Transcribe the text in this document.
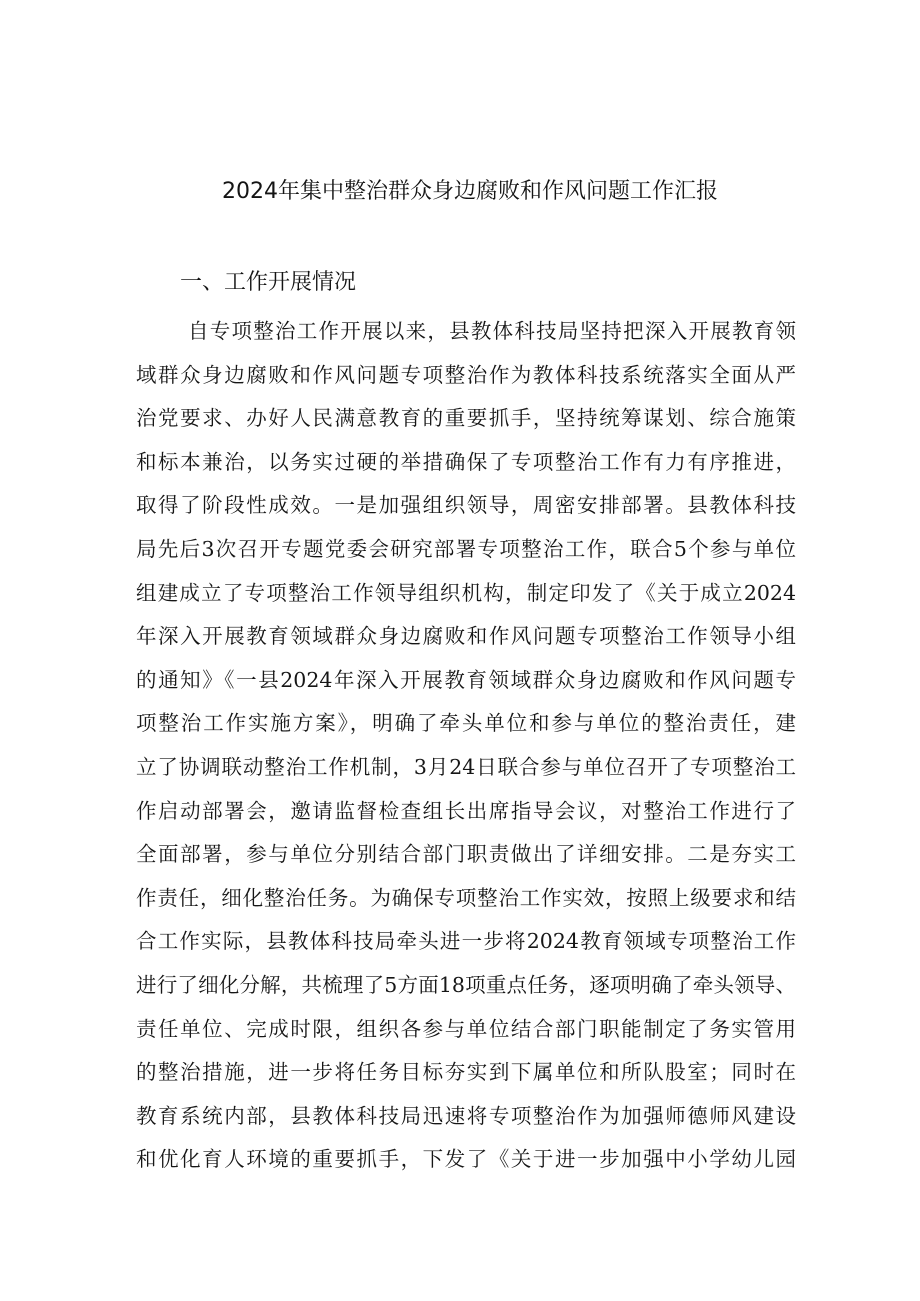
2024年集中整治群众身边腐败和作风问题工作汇报
一、工作开展情况
自专项整治工作开展以来，县教体科技局坚持把深入开展教育领
域群众身边腐败和作风问题专项整治作为教体科技系统落实全面从严
治党要求、办好人民满意教育的重要抓手，坚持统筹谋划、综合施策
和标本兼治，以务实过硬的举措确保了专项整治工作有力有序推进，
取得了阶段性成效。一是加强组织领导，周密安排部署。县教体科技
局先后3次召开专题党委会研究部署专项整治工作，联合5个参与单位
组建成立了专项整治工作领导组织机构，制定印发了《关于成立2024
年深入开展教育领域群众身边腐败和作风问题专项整治工作领导小组
的通知》《一县2024年深入开展教育领域群众身边腐败和作风问题专
项整治工作实施方案》，明确了牵头单位和参与单位的整治责任，建
立了协调联动整治工作机制，3月24日联合参与单位召开了专项整治工
作启动部署会，邀请监督检查组长出席指导会议，对整治工作进行了
全面部署，参与单位分别结合部门职责做出了详细安排。二是夯实工
作责任，细化整治任务。为确保专项整治工作实效，按照上级要求和结
合工作实际，县教体科技局牵头进一步将2024教育领域专项整治工作
进行了细化分解，共梳理了5方面18项重点任务，逐项明确了牵头领导、
责任单位、完成时限，组织各参与单位结合部门职能制定了务实管用
的整治措施，进一步将任务目标夯实到下属单位和所队股室；同时在
教育系统内部，县教体科技局迅速将专项整治作为加强师德师风建设
和优化育人环境的重要抓手，下发了《关于进一步加强中小学幼儿园
